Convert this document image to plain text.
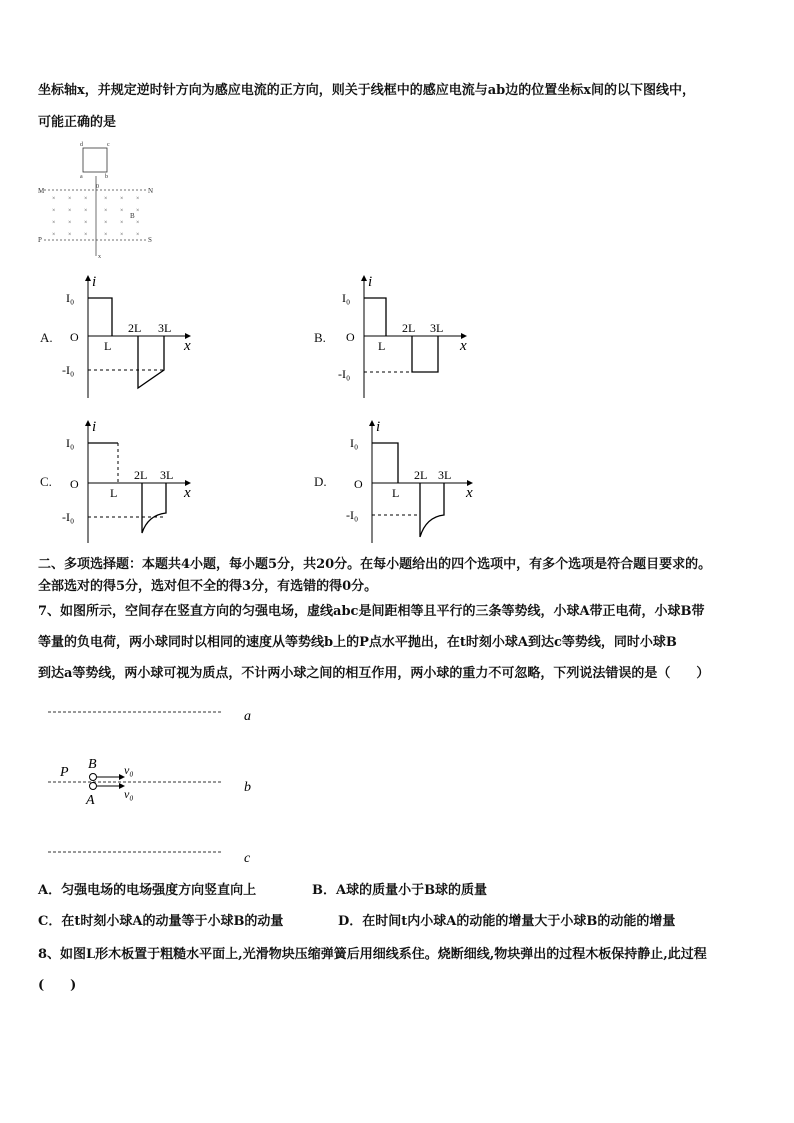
坐标轴x，并规定逆时针方向为感应电流的正方向，则关于线框中的感应电流与ab边的位置坐标x间的以下图线中，
可能正确的是
d	c
a	b
0
M	N
P	S
x
B
× × ×	× × ×
× × ×	× × ×
× × ×	× × ×
× × ×	× × ×
A.	B.
C.	D.
i
I₀
-I₀
O
L
2L 3L
x
i
I₀
-I₀
O
L
2L 3L
x
i
I₀
-I₀
O
L
2L 3L
x
i
I₀
-I₀
O
L
2L 3L
x
二、多项选择题：本题共4小题，每小题5分，共20分。在每小题给出的四个选项中，有多个选项是符合题目要求的。
全部选对的得5分，选对但不全的得3分，有选错的得0分。
7、如图所示，空间存在竖直方向的匀强电场，虚线abc是间距相等且平行的三条等势线，小球A带正电荷，小球B带
等量的负电荷，两小球同时以相同的速度从等势线b上的P点水平抛出，在t时刻小球A到达c等势线，同时小球B
到达a等势线，两小球可视为质点，不计两小球之间的相互作用，两小球的重力不可忽略，下列说法错误的是（　　）
a
b
c
P
B
A
v₀
v₀
A．匀强电场的电场强度方向竖直向上	B．A球的质量小于B球的质量
C．在t时刻小球A的动量等于小球B的动量	D．在时间t内小球A的动能的增量大于小球B的动能的增量
8、如图L形木板置于粗糙水平面上,光滑物块压缩弹簧后用细线系住。烧断细线,物块弹出的过程木板保持静止,此过程
(　　)
